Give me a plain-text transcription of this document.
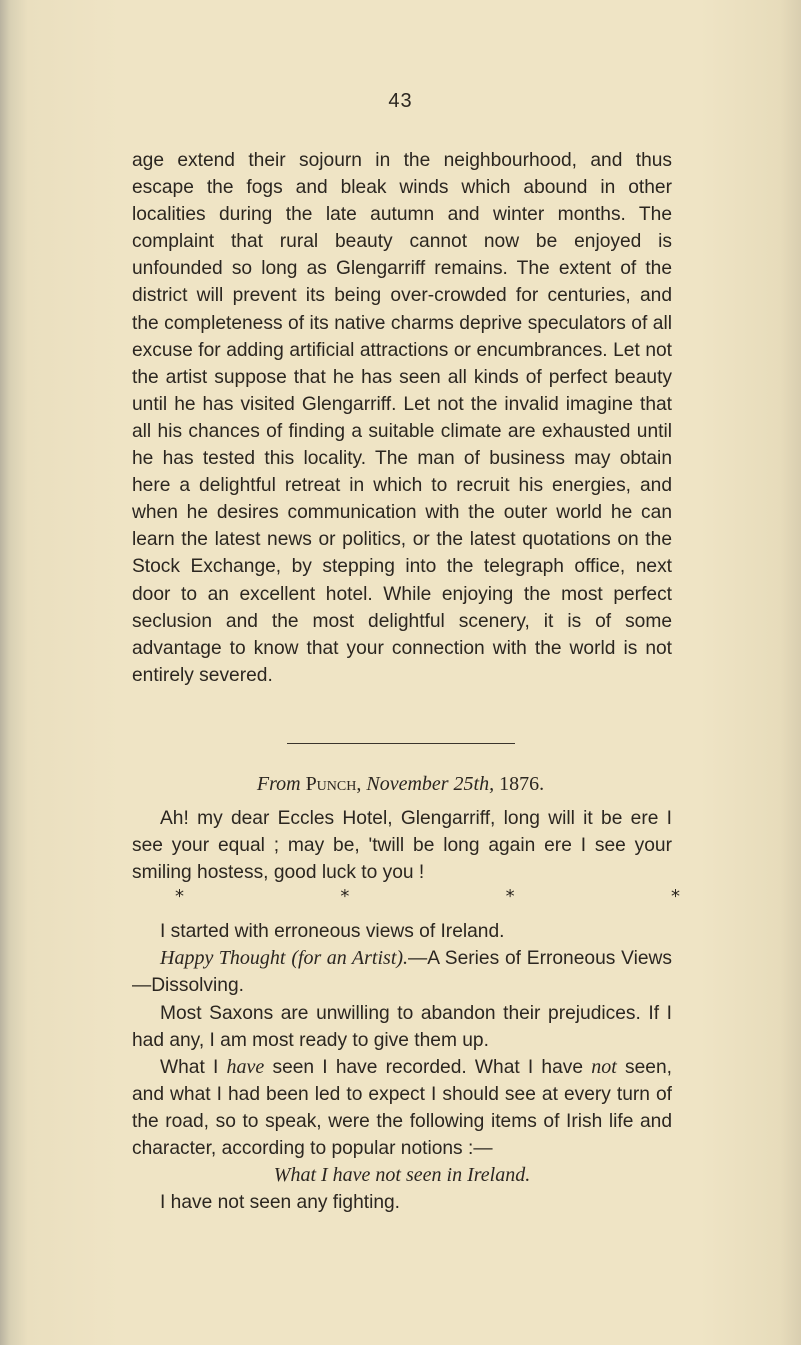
43

age extend their sojourn in the neighbourhood, and thus escape the fogs and bleak winds which abound in other localities during the late autumn and winter months. The complaint that rural beauty cannot now be enjoyed is unfounded so long as Glengarriff remains. The extent of the district will prevent its being over-crowded for centuries, and the completeness of its native charms deprive speculators of all excuse for adding artificial attractions or encumbrances. Let not the artist suppose that he has seen all kinds of perfect beauty until he has visited Glengarriff. Let not the invalid imagine that all his chances of finding a suitable climate are exhausted until he has tested this locality. The man of business may obtain here a delightful retreat in which to recruit his energies, and when he desires communication with the outer world he can learn the latest news or politics, or the latest quotations on the Stock Exchange, by stepping into the telegraph office, next door to an excellent hotel. While enjoying the most perfect seclusion and the most delightful scenery, it is of some advantage to know that your connection with the world is not entirely severed.

From Punch, November 25th, 1876.

Ah! my dear Eccles Hotel, Glengarriff, long will it be ere I see your equal ; may be, 'twill be long again ere I see your smiling hostess, good luck to you !

*	*	*	*

I started with erroneous views of Ireland.

Happy Thought (for an Artist).—A Series of Erroneous Views—Dissolving.

Most Saxons are unwilling to abandon their prejudices. If I had any, I am most ready to give them up.

What I have seen I have recorded. What I have not seen, and what I had been led to expect I should see at every turn of the road, so to speak, were the following items of Irish life and character, according to popular notions :—

What I have not seen in Ireland.

I have not seen any fighting.
